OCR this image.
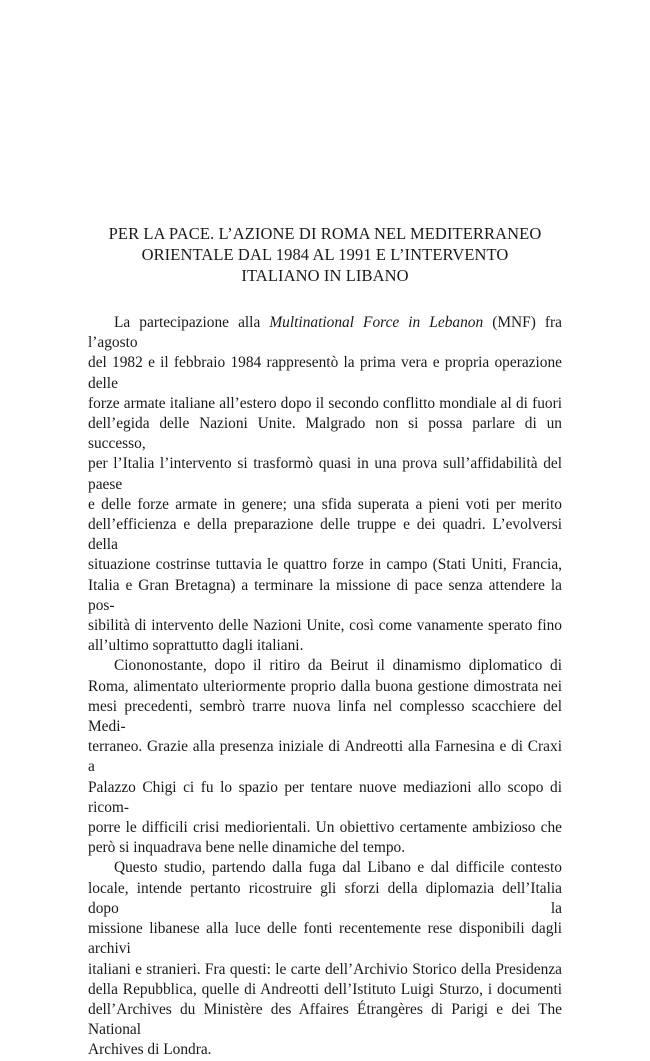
PER LA PACE. L’AZIONE DI ROMA NEL MEDITERRANEO
ORIENTALE DAL 1984 AL 1991 E L’INTERVENTO
ITALIANO IN LIBANO

La partecipazione alla Multinational Force in Lebanon (MNF) fra l’agosto
del 1982 e il febbraio 1984 rappresentò la prima vera e propria operazione delle
forze armate italiane all’estero dopo il secondo conflitto mondiale al di fuori
dell’egida delle Nazioni Unite. Malgrado non si possa parlare di un successo,
per l’Italia l’intervento si trasformò quasi in una prova sull’affidabilità del paese
e delle forze armate in genere; una sfida superata a pieni voti per merito
dell’efficienza e della preparazione delle truppe e dei quadri. L’evolversi della
situazione costrinse tuttavia le quattro forze in campo (Stati Uniti, Francia,
Italia e Gran Bretagna) a terminare la missione di pace senza attendere la pos-
sibilità di intervento delle Nazioni Unite, così come vanamente sperato fino
all’ultimo soprattutto dagli italiani.

Ciononostante, dopo il ritiro da Beirut il dinamismo diplomatico di
Roma, alimentato ulteriormente proprio dalla buona gestione dimostrata nei
mesi precedenti, sembrò trarre nuova linfa nel complesso scacchiere del Medi-
terraneo. Grazie alla presenza iniziale di Andreotti alla Farnesina e di Craxi a
Palazzo Chigi ci fu lo spazio per tentare nuove mediazioni allo scopo di ricom-
porre le difficili crisi mediorientali. Un obiettivo certamente ambizioso che
però si inquadrava bene nelle dinamiche del tempo.

Questo studio, partendo dalla fuga dal Libano e dal difficile contesto
locale, intende pertanto ricostruire gli sforzi della diplomazia dell’Italia dopo la
missione libanese alla luce delle fonti recentemente rese disponibili dagli archivi
italiani e stranieri. Fra questi: le carte dell’Archivio Storico della Presidenza
della Repubblica, quelle di Andreotti dell’Istituto Luigi Sturzo, i documenti
dell’Archives du Ministère des Affaires Étrangères di Parigi e dei The National
Archives di Londra.
